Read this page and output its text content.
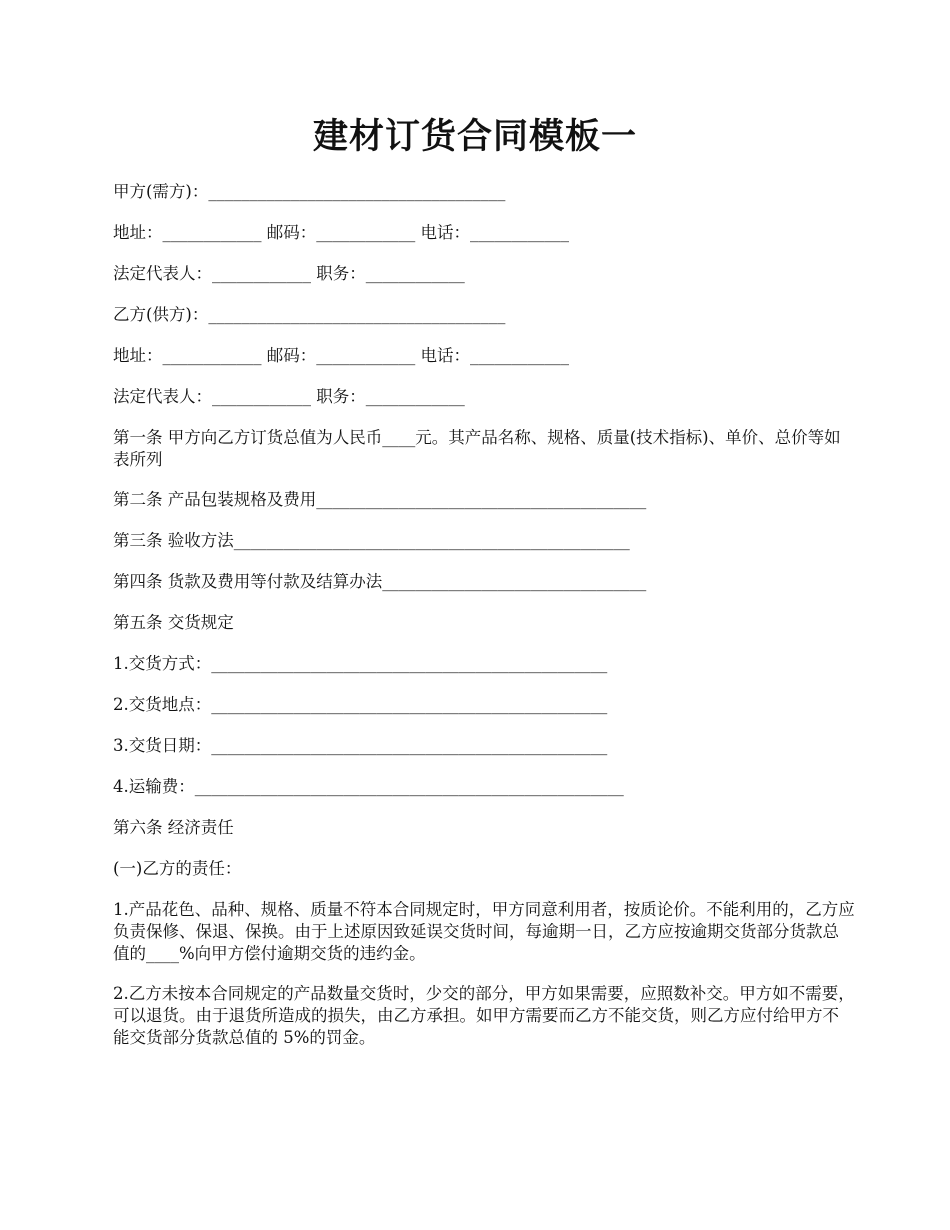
建材订货合同模板一

甲方(需方)：____________________________________

地址：____________ 邮码：____________ 电话：____________

法定代表人：____________ 职务：____________

乙方(供方)：____________________________________

地址：____________ 邮码：____________ 电话：____________

法定代表人：____________ 职务：____________

第一条 甲方向乙方订货总值为人民币____元。其产品名称、规格、质量(技术指标)、单价、总价等如表所列

第二条 产品包装规格及费用________________________________________

第三条 验收方法________________________________________________

第四条 货款及费用等付款及结算办法________________________________

第五条 交货规定

1.交货方式：________________________________________________

2.交货地点：________________________________________________

3.交货日期：________________________________________________

4.运输费：____________________________________________________

第六条 经济责任

(一)乙方的责任：

1.产品花色、品种、规格、质量不符本合同规定时，甲方同意利用者，按质论价。不能利用的，乙方应负责保修、保退、保换。由于上述原因致延误交货时间，每逾期一日，乙方应按逾期交货部分货款总值的____%向甲方偿付逾期交货的违约金。

2.乙方未按本合同规定的产品数量交货时，少交的部分，甲方如果需要，应照数补交。甲方如不需要，可以退货。由于退货所造成的损失，由乙方承担。如甲方需要而乙方不能交货，则乙方应付给甲方不能交货部分货款总值的 5%的罚金。
